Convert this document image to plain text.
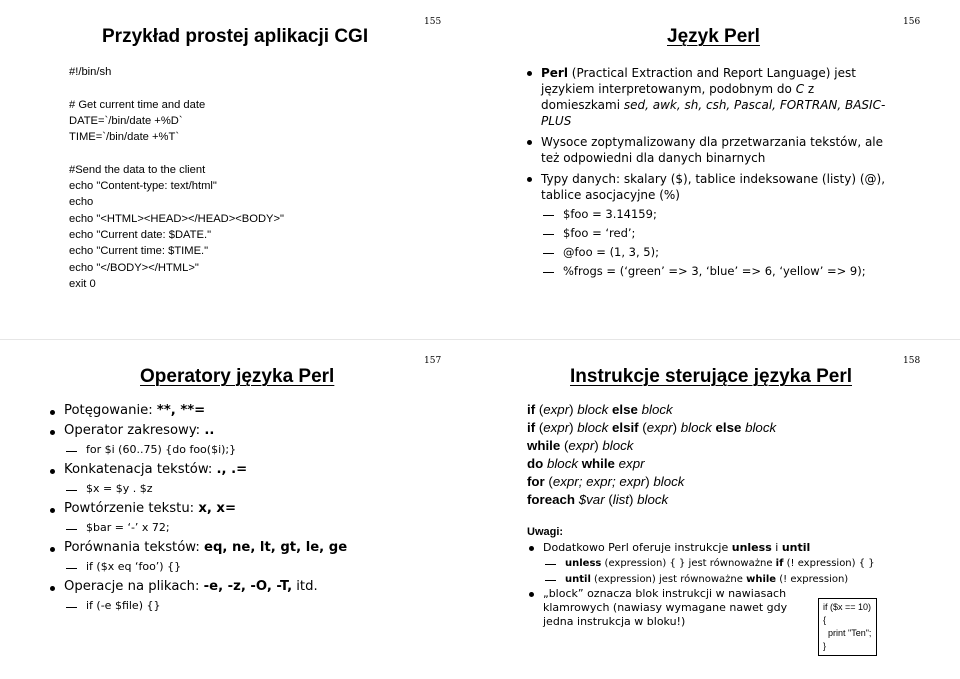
155
Przykład prostej aplikacji CGI
#!/bin/sh
# Get current time and date
DATE=`/bin/date +%D`
TIME=`/bin/date +%T`
#Send the data to the client
echo "Content-type: text/html"
echo
echo "<HTML><HEAD></HEAD><BODY>"
echo "Current date: $DATE."
echo "Current time: $TIME."
echo "</BODY></HTML>"
exit 0
156
Język Perl
Perl (Practical Extraction and Report Language) jest językiem interpretowanym, podobnym do C z domieszkami sed, awk, sh, csh, Pascal, FORTRAN, BASIC-PLUS
Wysoce zoptymalizowany dla przetwarzania tekstów, ale też odpowiedni dla danych binarnych
Typy danych: skalary ($), tablice indeksowane (listy) (@), tablice asocjacyjne (%)
$foo = 3.14159;
$foo = ‘red’;
@foo = (1, 3, 5);
%frogs = (‘green’ => 3, ‘blue’ => 6, ‘yellow’ => 9);
157
Operatory języka Perl
Potęgowanie: **, **=
Operator zakresowy: ..
for $i (60..75) {do foo($i);}
Konkatenacja tekstów: ., .=
$x = $y . $z
Powtórzenie tekstu: x, x=
$bar = ‘-’ x 72;
Porównania tekstów: eq, ne, lt, gt, le, ge
if ($x eq ‘foo’) {}
Operacje na plikach: -e, -z, -O, -T, itd.
if (-e $file) {}
158
Instrukcje sterujące języka Perl
if (expr) block else block
if (expr) block elsif (expr) block else block
while (expr) block
do block while expr
for (expr; expr; expr) block
foreach $var (list) block
Uwagi:
Dodatkowo Perl oferuje instrukcje unless i until
unless (expression) { } jest równoważne if (! expression) { }
until (expression) jest równoważne while (! expression)
„block” oznacza blok instrukcji w nawiasach klamrowych (nawiasy wymagane nawet gdy jedna instrukcja w bloku!)
if ($x == 10)
{
print "Ten";
}
